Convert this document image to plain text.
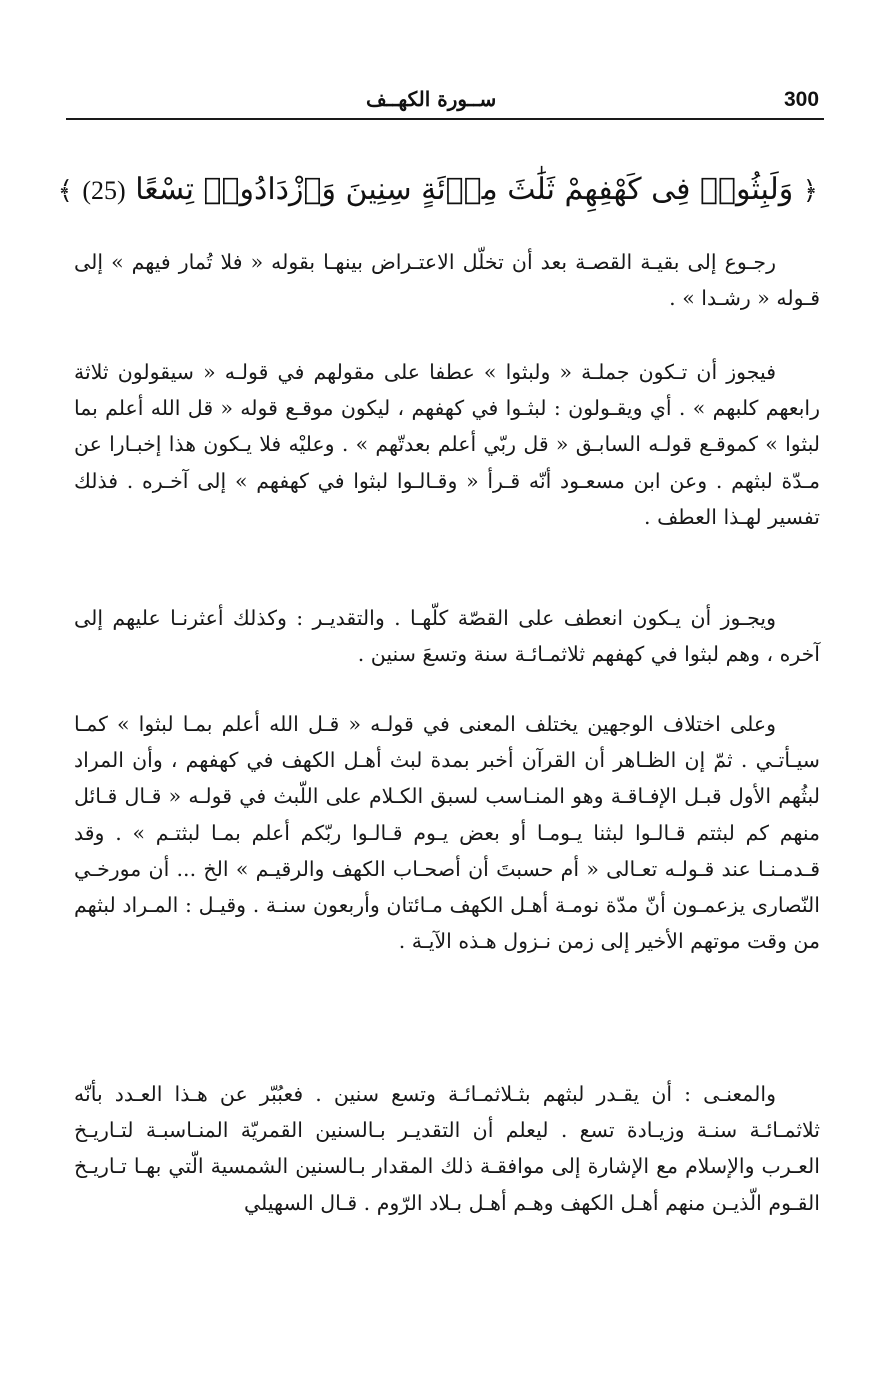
300
ســورة الكهــف
﴿ وَلَبِثُوا۟ فِى كَهْفِهِمْ ثَلَٰثَ مِا۟ئَةٍ سِنِينَ وَٱزْدَادُوا۟ تِسْعًا (25) ﴾

رجـوع إلى بقيـة القصـة بعد أن تخلّل الاعتـراض بينهـا بقوله « فلا تُمار فيهم » إلى قـوله « رشـدا » .

فيجوز أن تـكون جملـة « ولبثوا » عطفا على مقولهم في قولـه « سيقولون ثلاثة رابعهم كلبهم » . أي ويقـولون : لبثـوا في كهفهم ، ليكون موقـع قوله « قل الله أعلم بما لبثوا » كموقـع قولـه السابـق « قل ربّي أعلم بعدتّهم » . وعليْه فلا يـكون هذا إخبـارا عن مـدّة لبثهم . وعن ابن مسعـود أنّه قـرأ « وقـالـوا لبثوا في كهفهم » إلى آخـره . فذلك تفسير لهـذا العطف .

ويجـوز أن يـكون انعطف على القصّة كلّهـا . والتقديـر : وكذلك أعثرنـا عليهم إلى آخره ، وهم لبثوا في كهفهم ثلاثمـائـة سنة وتسعَ سنين .

وعلى اختلاف الوجهين يختلف المعنى في قولـه « قـل الله أعلم بمـا لبثوا » كمـا سيـأتـي . ثمّ إن الظـاهر أن القرآن أخبر بمدة لبث أهـل الكهف في كهفهم ، وأن المراد لبثُهم الأول قبـل الإفـاقـة وهو المنـاسب لسبق الكـلام على اللّبث في قولـه « قـال قـائل منهم كم لبثتم قـالـوا لبثنا يـومـا أو بعض يـوم قـالـوا ربّكم أعلم بمـا لبثتـم » . وقد قـدمـنـا عند قـولـه تعـالى « أم حسبتَ أن أصحـاب الكهف والرقيـم » الخ ... أن مورخـي النّصارى يزعمـون أنّ مدّة نومـة أهـل الكهف مـائتان وأربعون سنـة . وقيـل : المـراد لبثهم من وقت موتهم الأخير إلى زمن نـزول هـذه الآيـة .

والمعنـى : أن يقـدر لبثهم بثـلاثمـائـة وتسع سنين . فعبُبّر عن هـذا العـدد بأنّه ثلاثمـائـة سنـة وزيـادة تسع . ليعلم أن التقديـر بـالسنين القمريّة المنـاسبـة لتـاريـخ العـرب والإسلام مع الإشارة إلى موافقـة ذلك المقدار بـالسنين الشمسية الّتي بهـا تـاريـخ القـوم الّذيـن منهم أهـل الكهف وهـم أهـل بـلاد الرّوم . قـال السهيلي
